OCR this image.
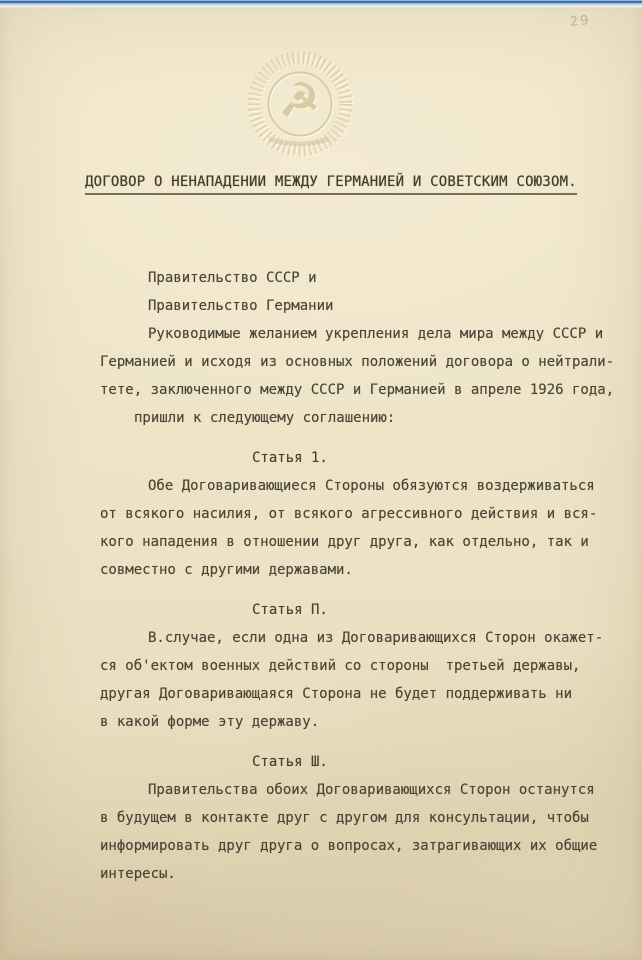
29
☭
ДОГОВОР О НЕНАПАДЕНИИ МЕЖДУ ГЕРМАНИЕЙ И СОВЕТСКИМ СОЮЗОМ.

Правительство СССР и

Правительство Германии

Руководимые желанием укрепления дела мира между СССР и

Германией и исходя из основных положений договора о нейтрали-

тете, заключенного между СССР и Германией в апреле 1926 года,

пришли к следующему соглашению:

Статья 1.

Обе Договаривающиеся Стороны обязуются воздерживаться

от всякого насилия, от всякого агрессивного действия и вся-

кого нападения в отношении друг друга, как отдельно, так и

совместно с другими державами.

Статья П.

В.случае, если одна из Договаривающихся Сторон окажет-

ся об'ектом военных действий со стороны  третьей державы,

другая Договаривающаяся Сторона не будет поддерживать ни

в какой форме эту державу.

Статья Ш.

Правительства обоих Договаривающихся Сторон останутся

в будущем в контакте друг с другом для консультации, чтобы

информировать друг друга о вопросах, затрагивающих их общие

интересы.
